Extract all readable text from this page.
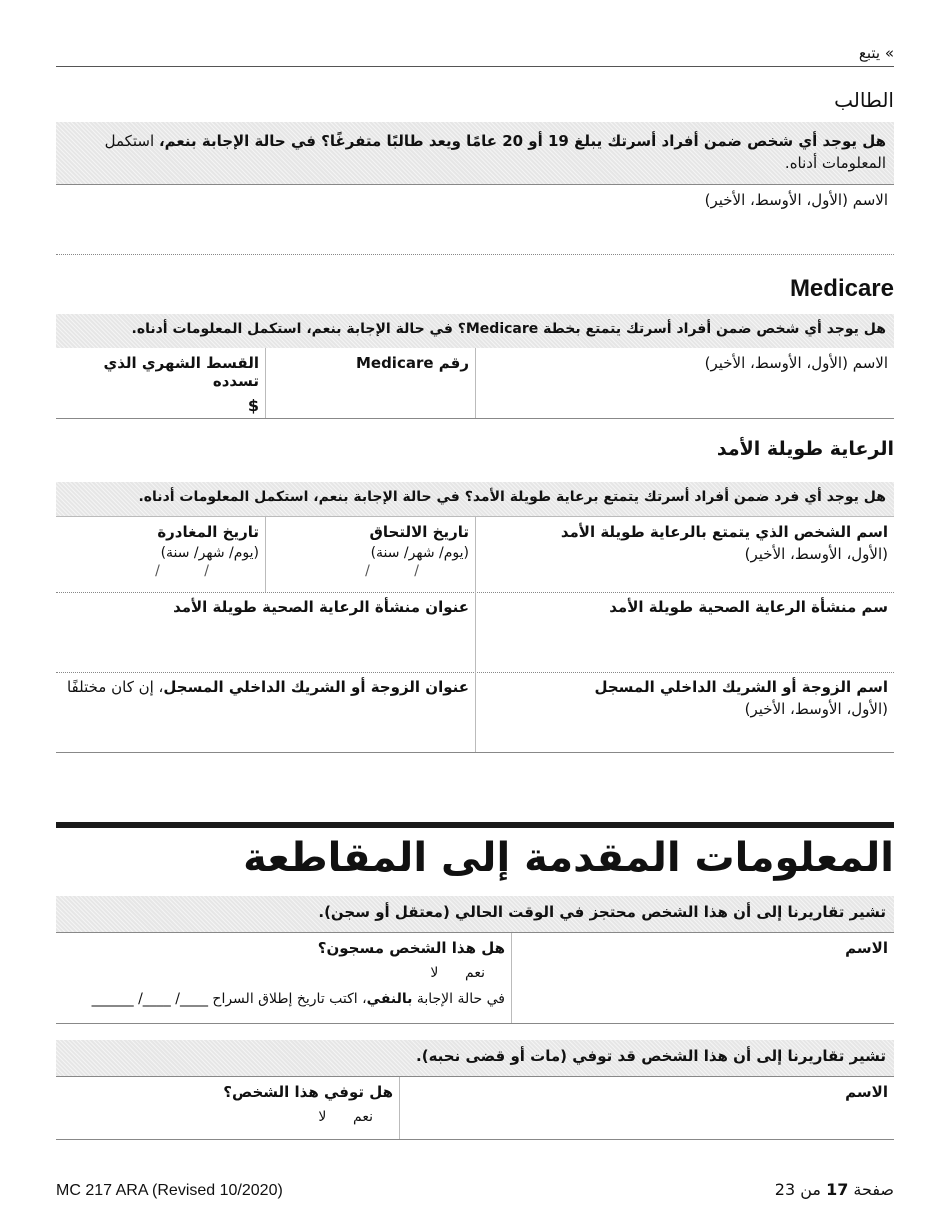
» يتبع
الطالب
هل يوجد أي شخص ضمن أفراد أسرتك يبلغ 19 أو 20 عامًا ويعد طالبًا متفرغًا؟ في حالة الإجابة بنعم، استكمل المعلومات أدناه.
الاسم (الأول، الأوسط، الأخير)
Medicare
هل يوجد أي شخص ضمن أفراد أسرتك يتمتع بخطة Medicare؟ في حالة الإجابة بنعم، استكمل المعلومات أدناه.
الاسم (الأول، الأوسط، الأخير)
رقم Medicare
القسط الشهري الذي تسدده
$
الرعاية طويلة الأمد
هل يوجد أي فرد ضمن أفراد أسرتك يتمتع برعاية طويلة الأمد؟ في حالة الإجابة بنعم، استكمل المعلومات أدناه.
اسم الشخص الذي يتمتع بالرعاية طويلة الأمد
(الأول، الأوسط، الأخير)
تاريخ الالتحاق
(يوم/ شهر/ سنة)
/          /
تاريخ المغادرة
(يوم/ شهر/ سنة)
/          /
سم منشأة الرعاية الصحية طويلة الأمد
عنوان منشأة الرعاية الصحية طويلة الأمد
اسم الزوجة أو الشريك الداخلي المسجل
(الأول، الأوسط، الأخير)
عنوان الزوجة أو الشريك الداخلي المسجل، إن كان مختلفًا
المعلومات المقدمة إلى المقاطعة
تشير تقاريرنا إلى أن هذا الشخص محتجز في الوقت الحالي (معتقل أو سجن).
الاسم
هل هذا الشخص مسجون؟
نعم      لا
في حالة الإجابة بالنفي، اكتب تاريخ إطلاق السراح ____/ ____/ ______
تشير تقاريرنا إلى أن هذا الشخص قد توفي (مات أو قضى نحبه).
الاسم
هل توفي هذا الشخص؟
نعم      لا
MC 217 ARA (Revised 10/2020)	صفحة 17 من 23
